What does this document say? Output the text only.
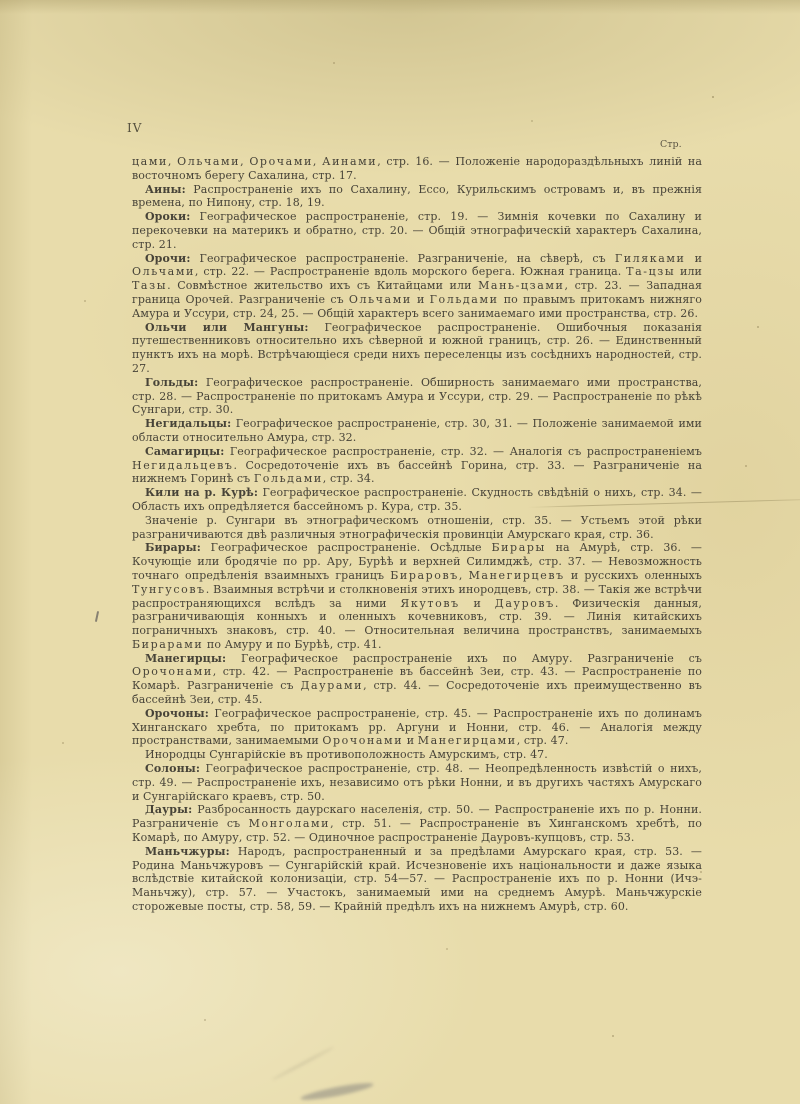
IV
Стр.

цами, Ольчами, Орочами, Аинами, стр. 16. — Положеніе народораздѣльныхъ линій на восточномъ берегу Сахалина, стр. 17.

Аины: Распространеніе ихъ по Сахалину, Ессо, Курильскимъ островамъ и, въ прежнія времена, по Нипону, стр. 18, 19.

Ороки: Географическое распространеніе, стр. 19. — Зимнія кочевки по Сахалину и перекочевки на материкъ и обратно, стр. 20. — Общій этнографическій характеръ Сахалина, стр. 21.

Орочи: Географическое распространеніе. Разграниченіе, на сѣверѣ, съ Гиляками и Ольчами, стр. 22. — Распространеніе вдоль морского берега. Южная граница. Та-цзы или Тазы. Совмѣстное жительство ихъ съ Китайцами или Мань-цзами, стр. 23. — Западная граница Орочей. Разграниченіе съ Ольчами и Гольдами по правымъ притокамъ нижняго Амура и Уссури, стр. 24, 25. — Общій характеръ всего занимаемаго ими пространства, стр. 26.

Ольчи или Мангуны: Географическое распространеніе. Ошибочныя показанія путешественниковъ относительно ихъ сѣверной и южной границъ, стр. 26. — Единственный пунктъ ихъ на морѣ. Встрѣчающіеся среди нихъ переселенцы изъ сосѣднихъ народностей, стр. 27.

Гольды: Географическое распространеніе. Обширность занимаемаго ими пространства, стр. 28. — Распространеніе по притокамъ Амура и Уссури, стр. 29. — Распространеніе по рѣкѣ Сунгари, стр. 30.

Негидальцы: Географическое распространеніе, стр. 30, 31. — Положеніе занимаемой ими области относительно Амура, стр. 32.

Самагирцы: Географическое распространеніе, стр. 32. — Аналогія съ распространеніемъ Негидальцевъ. Сосредоточеніе ихъ въ бассейнѣ Горина, стр. 33. — Разграниченіе на нижнемъ Горинѣ съ Гольдами, стр. 34.

Кили на р. Курѣ: Географическое распространеніе. Скудность свѣдѣній о нихъ, стр. 34. — Область ихъ опредѣляется бассейномъ р. Кура, стр. 35.

Значеніе р. Сунгари въ этнографическомъ отношеніи, стр. 35. — Устьемъ этой рѣки разграничиваются двѣ различныя этнографическія провинціи Амурскаго края, стр. 36.

Бирары: Географическое распространеніе. Осѣдлые Бирары на Амурѣ, стр. 36. — Кочующіе или бродячіе по рр. Ару, Бурѣѣ и верхней Силимджѣ, стр. 37. — Невозможность точнаго опредѣленія взаимныхъ границъ Бираровъ, Манегирцевъ и русскихъ оленныхъ Тунгусовъ. Взаимныя встрѣчи и столкновенія этихъ инородцевъ, стр. 38. — Такія же встрѣчи распространяющихся вслѣдъ за ними Якутовъ и Дауровъ. Физическія данныя, разграничивающія конныхъ и оленныхъ кочевниковъ, стр. 39. — Линія китайскихъ пограничныхъ знаковъ, стр. 40. — Относительная величина пространствъ, занимаемыхъ Бирарами по Амуру и по Бурѣѣ, стр. 41.

Манегирцы: Географическое распространеніе ихъ по Амуру. Разграниченіе съ Орочонами, стр. 42. — Распространеніе въ бассейнѣ Зеи, стр. 43. — Распространеніе по Комарѣ. Разграниченіе съ Даурами, стр. 44. — Сосредоточеніе ихъ преимущественно въ бассейнѣ Зеи, стр. 45.

Орочоны: Географическое распространеніе, стр. 45. — Распространеніе ихъ по долинамъ Хинганскаго хребта, по притокамъ рр. Аргуни и Нонни, стр. 46. — Аналогія между пространствами, занимаемыми Орочонами и Манегирцами, стр. 47.

Инородцы Сунгарійскіе въ противоположность Амурскимъ, стр. 47.

Солоны: Географическое распространеніе, стр. 48. — Неопредѣленность извѣстій о нихъ, стр. 49. — Распространеніе ихъ, независимо отъ рѣки Нонни, и въ другихъ частяхъ Амурскаго и Сунгарійскаго краевъ, стр. 50.

Дауры: Разбросанность даурскаго населенія, стр. 50. — Распространеніе ихъ по р. Нонни. Разграниченіе съ Монголами, стр. 51. — Распространеніе въ Хинганскомъ хребтѣ, по Комарѣ, по Амуру, стр. 52. — Одиночное распространеніе Дауровъ-купцовъ, стр. 53.

Маньчжуры: Народъ, распространенный и за предѣлами Амурскаго края, стр. 53. — Родина Маньчжуровъ — Сунгарійскій край. Исчезновеніе ихъ національности и даже языка вслѣдствіе китайской колонизаціи, стр. 54—57. — Распространеніе ихъ по р. Нонни (Ичэ-Маньчжу), стр. 57. — Участокъ, занимаемый ими на среднемъ Амурѣ. Маньчжурскіе сторожевые посты, стр. 58, 59. — Крайній предѣлъ ихъ на нижнемъ Амурѣ, стр. 60.
